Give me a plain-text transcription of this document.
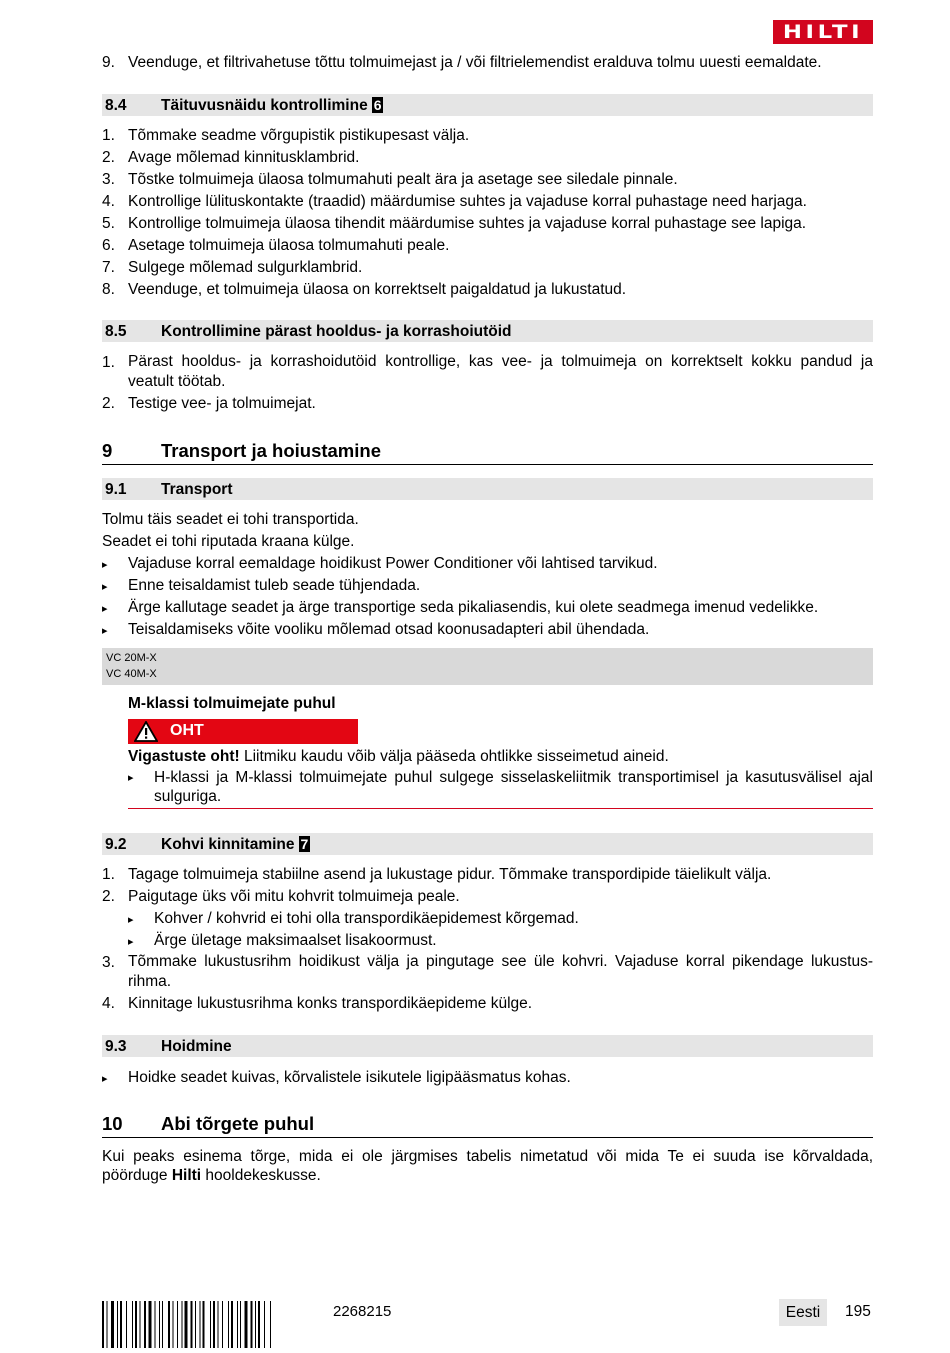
HILTI
9. Veenduge, et filtrivahetuse tõttu tolmuimejast ja / või filtrielemendist eralduva tolmu uuesti eemaldate.
8.4 Täituvusnäidu kontrollimine 6
1. Tõmmake seadme võrgupistik pistikupesast välja.
2. Avage mõlemad kinnitusklambrid.
3. Tõstke tolmuimeja ülaosa tolmumahuti pealt ära ja asetage see siledale pinnale.
4. Kontrollige lülituskontakte (traadid) määrdumise suhtes ja vajaduse korral puhastage need harjaga.
5. Kontrollige tolmuimeja ülaosa tihendit määrdumise suhtes ja vajaduse korral puhastage see lapiga.
6. Asetage tolmuimeja ülaosa tolmumahuti peale.
7. Sulgege mõlemad sulgurklambrid.
8. Veenduge, et tolmuimeja ülaosa on korrektselt paigaldatud ja lukustatud.
8.5 Kontrollimine pärast hooldus- ja korrashoiutöid
1. Pärast hooldus- ja korrashoidutöid kontrollige, kas vee- ja tolmuimeja on korrektselt kokku pandud ja
veatult töötab.
2. Testige vee- ja tolmuimejat.
9	Transport ja hoiustamine
9.1 Transport
Tolmu täis seadet ei tohi transportida.
Seadet ei tohi riputada kraana külge.
▸ Vajaduse korral eemaldage hoidikust Power Conditioner või lahtised tarvikud.
▸ Enne teisaldamist tuleb seade tühjendada.
▸ Ärge kallutage seadet ja ärge transportige seda pikaliasendis, kui olete seadmega imenud vedelikke.
▸ Teisaldamiseks võite vooliku mõlemad otsad koonusadapteri abil ühendada.
VC 20M-X
VC 40M-X
M-klassi tolmuimejate puhul
OHT
Vigastuste oht! Liitmiku kaudu võib välja pääseda ohtlikke sisseimetud aineid.
▸	H-klassi ja M-klassi tolmuimejate puhul sulgege sisselaskeliitmik transportimisel ja kasutusvälisel ajal
sulguriga.
9.2 Kohvi kinnitamine 7
1. Tagage tolmuimeja stabiilne asend ja lukustage pidur. Tõmmake transpordipide täielikult välja.
2. Paigutage üks või mitu kohvrit tolmuimeja peale.
▸ Kohver / kohvrid ei tohi olla transpordikäepidemest kõrgemad.
▸ Ärge ületage maksimaalset lisakoormust.
3. Tõmmake lukustusrihm hoidikust välja ja pingutage see üle kohvri. Vajaduse korral pikendage lukustus-
rihma.
4. Kinnitage lukustusrihma konks transpordikäepideme külge.
9.3 Hoidmine
▸ Hoidke seadet kuivas, kõrvalistele isikutele ligipääsmatus kohas.
10 Abi tõrgete puhul
Kui peaks esinema tõrge, mida ei ole järgmises tabelis nimetatud või mida Te ei suuda ise kõrvaldada,
pöörduge Hilti hooldekeskusse.
2268215	Eesti	195
